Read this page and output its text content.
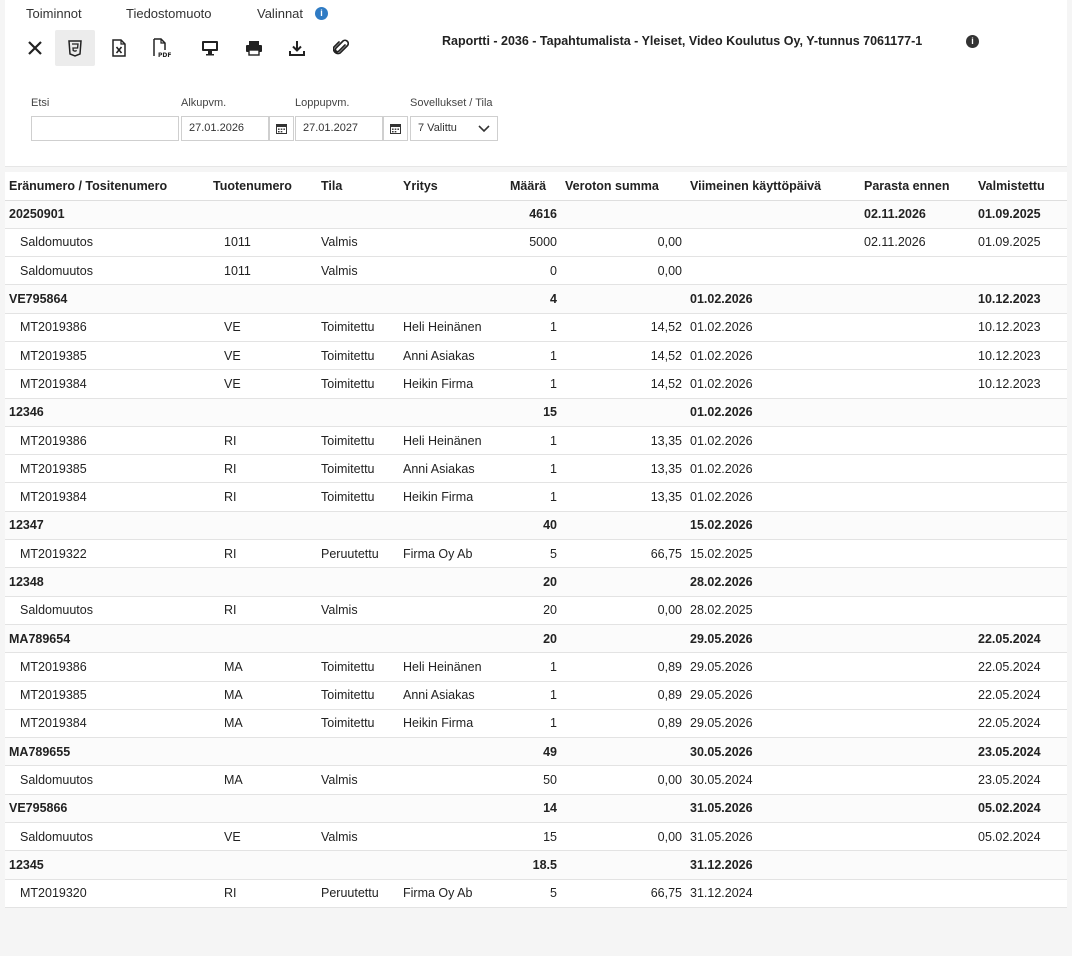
Toiminnot	Tiedostomuoto	Valinnat	i
PDF
Raportti - 2036 - Tapahtumalista - Yleiset, Video Koulutus Oy, Y-tunnus 7061177-1	i
Etsi	Alkupvm.
27.01.2026
Loppupvm.
27.01.2027
Sovellukset / Tila
7 Valittu
Eränumero / Tositenumero	Tuotenumero	Tila	Yritys	Määrä	Veroton summa	Viimeinen käyttöpäivä	Parasta ennen	Valmistettu
20250901				4616			02.11.2026	01.09.2025
Saldomuutos	1011	Valmis		5000	0,00		02.11.2026	01.09.2025
Saldomuutos	1011	Valmis		0	0,00			
VE795864				4		01.02.2026		10.12.2023
MT2019386	VE	Toimitettu	Heli Heinänen	1	14,52	01.02.2026		10.12.2023
MT2019385	VE	Toimitettu	Anni Asiakas	1	14,52	01.02.2026		10.12.2023
MT2019384	VE	Toimitettu	Heikin Firma	1	14,52	01.02.2026		10.12.2023
12346				15		01.02.2026		
MT2019386	RI	Toimitettu	Heli Heinänen	1	13,35	01.02.2026		
MT2019385	RI	Toimitettu	Anni Asiakas	1	13,35	01.02.2026		
MT2019384	RI	Toimitettu	Heikin Firma	1	13,35	01.02.2026		
12347				40		15.02.2026		
MT2019322	RI	Peruutettu	Firma Oy Ab	5	66,75	15.02.2025		
12348				20		28.02.2026		
Saldomuutos	RI	Valmis		20	0,00	28.02.2025		
MA789654				20		29.05.2026		22.05.2024
MT2019386	MA	Toimitettu	Heli Heinänen	1	0,89	29.05.2026		22.05.2024
MT2019385	MA	Toimitettu	Anni Asiakas	1	0,89	29.05.2026		22.05.2024
MT2019384	MA	Toimitettu	Heikin Firma	1	0,89	29.05.2026		22.05.2024
MA789655				49		30.05.2026		23.05.2024
Saldomuutos	MA	Valmis		50	0,00	30.05.2024		23.05.2024
VE795866				14		31.05.2026		05.02.2024
Saldomuutos	VE	Valmis		15	0,00	31.05.2026		05.02.2024
12345				18.5		31.12.2026		
MT2019320	RI	Peruutettu	Firma Oy Ab	5	66,75	31.12.2024		
